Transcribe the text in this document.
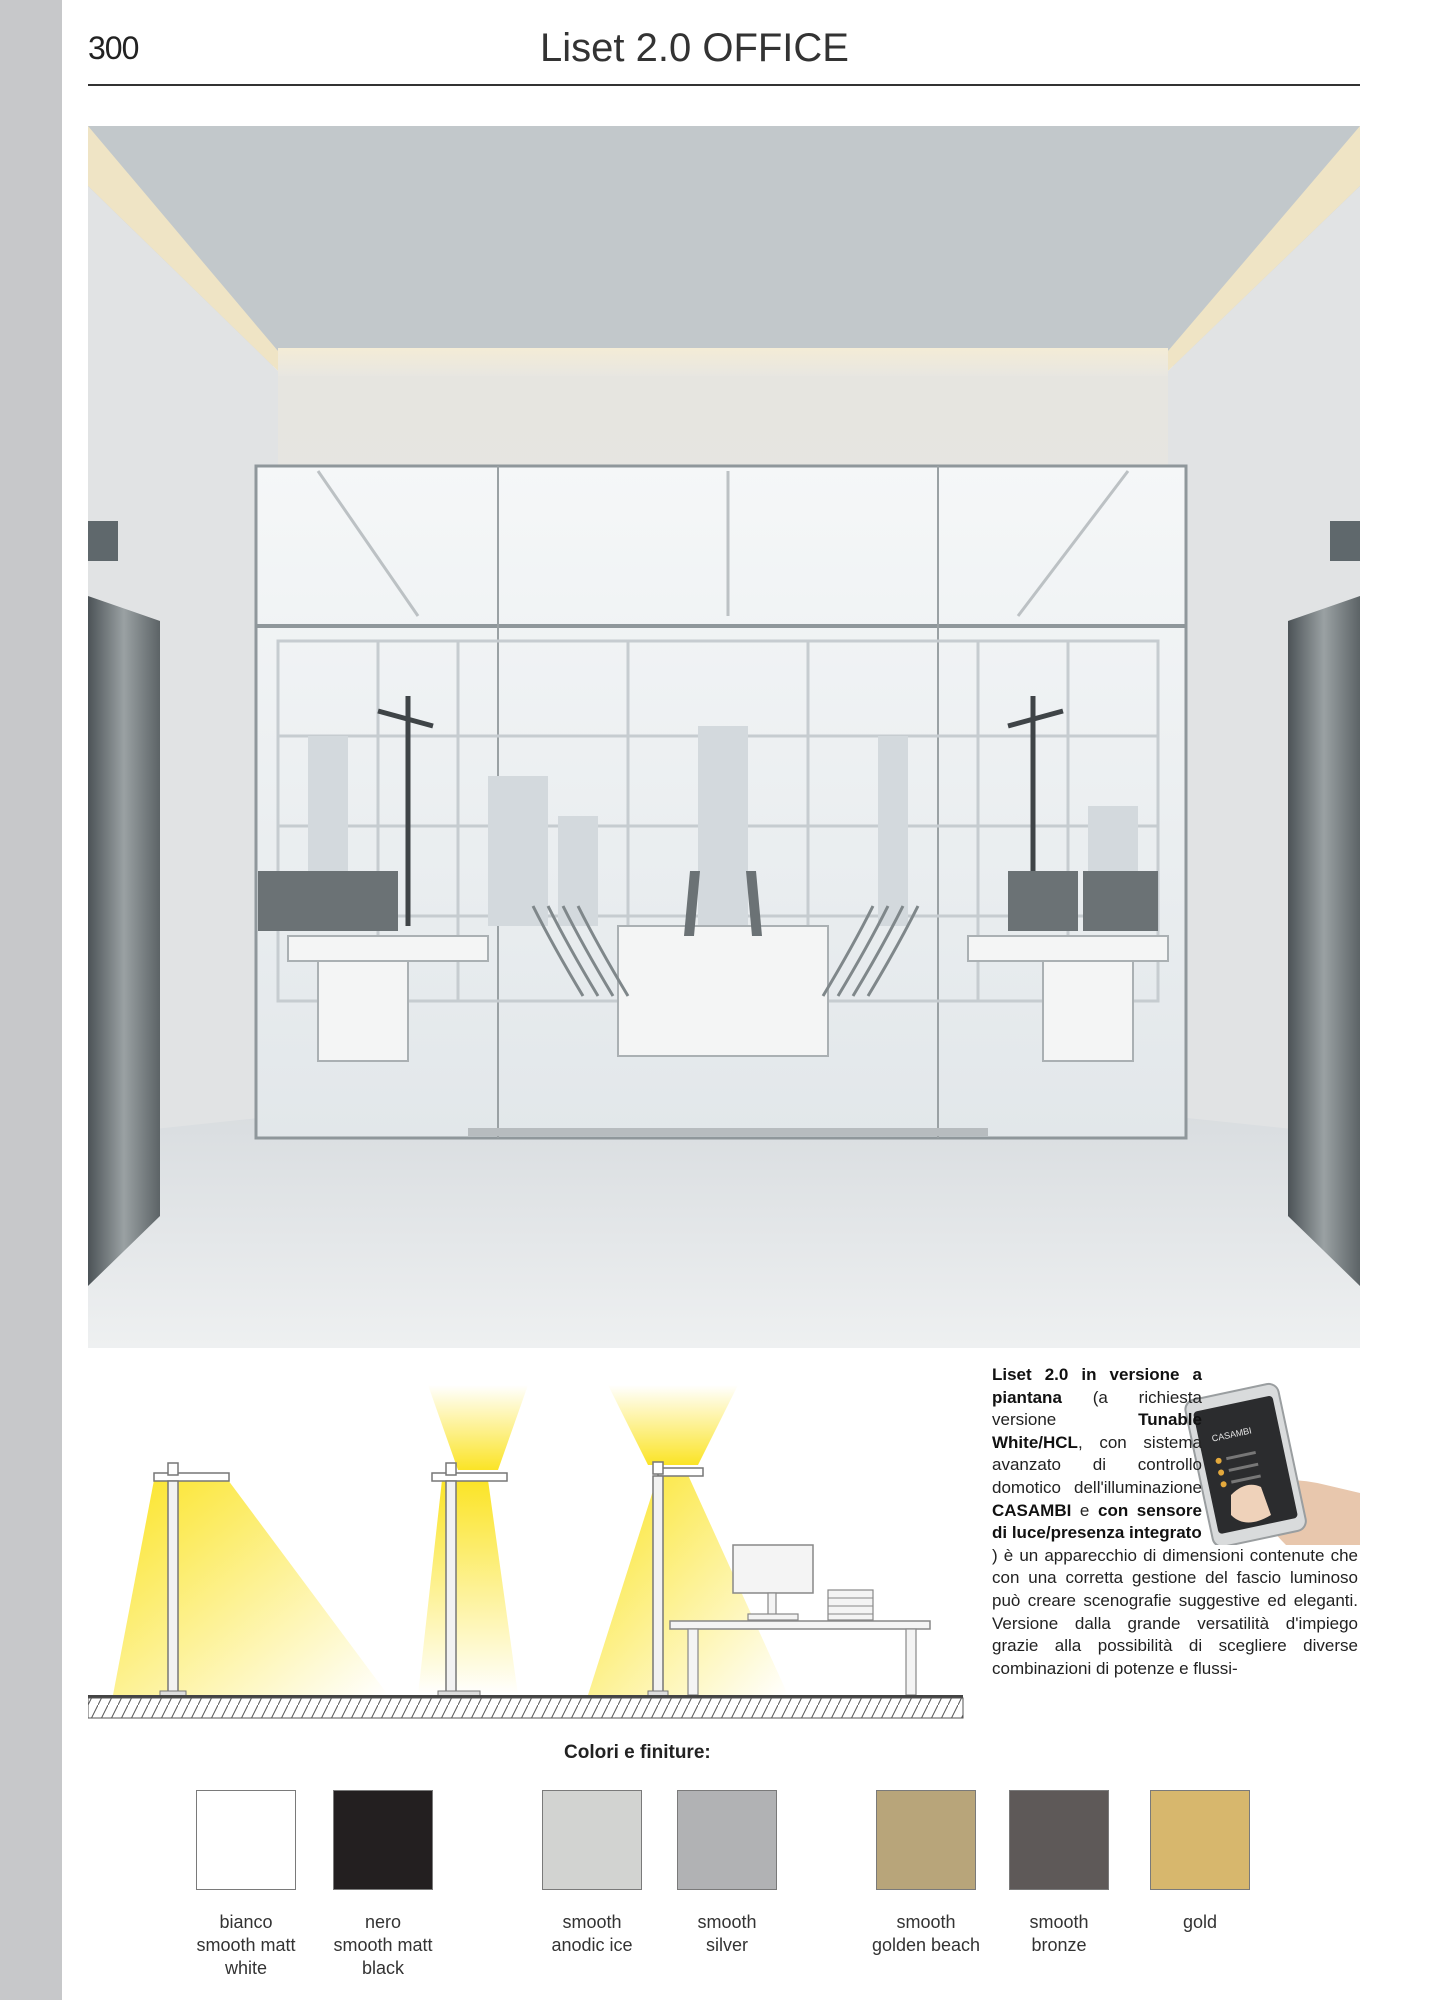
300	Liset 2.0 OFFICE
CASAMBI
Liset 2.0 in versione a piantana (a richiesta versione Tunable White/HCL, con sistema avanzato di controllo domotico dell'illuminazione CASAMBI e con sensore di luce/presenza integrato
) è un apparecchio di dimensioni contenute che con una corretta gestione del fascio luminoso può creare scenografie suggestive ed eleganti. Versione dalla grande versatilità d'impiego grazie alla possibilità di scegliere diverse combinazioni di potenze e flussi-
Colori e finiture:
bianco
smooth matt
white
nero
smooth matt
black
smooth
anodic ice
smooth
silver
smooth
golden beach
smooth
bronze
gold
